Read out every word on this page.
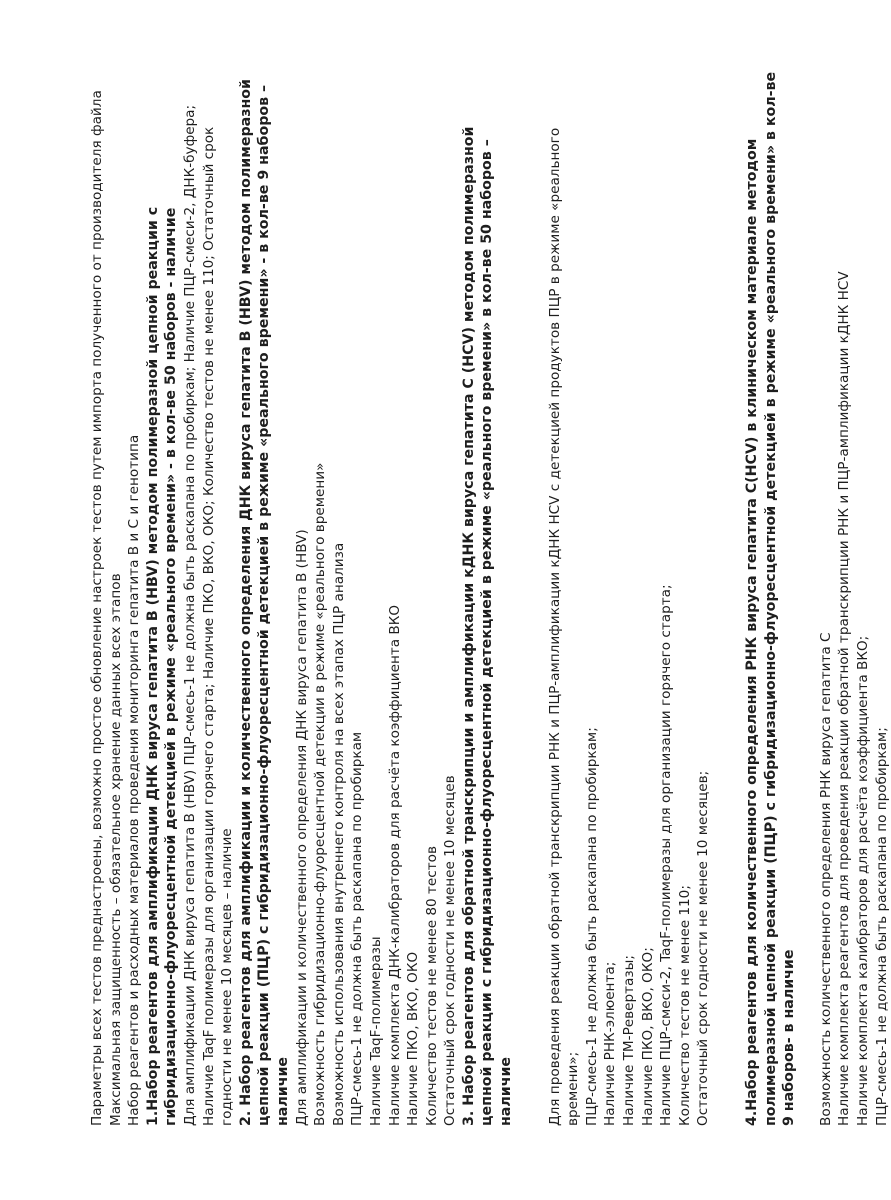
Параметры всех тестов преднастроены, возможно простое обновление настроек тестов путем импорта полученного от производителя файла Максимальная защищенность – обязательное хранение данных всех этапов Набор реагентов и расходных материалов проведения мониторинга гепатита В и С и генотипа 1.Набор реагентов для амплификации ДНК вируса гепатита В (HBV) методом полимеразной цепной реакции с гибридизационно-флуоресцентной детекцией в режиме «реального времени» - в кол-ве 50 наборов - наличие Для амплификации ДНК вируса гепатита В (HBV) ПЦР-смесь-1 не должна быть раскапана по пробиркам; Наличие ПЦР-смеси-2, ДНК-буфера; Наличие TaqF полимеразы для организации горячего старта; Наличие ПКО, ВКО, ОКО; Количество тестов не менее 110; Остаточный срок годности не менее 10 месяцев – наличие 2. Набор реагентов для амплификации и количественного определения ДНК вируса гепатита В (HBV) методом полимеразной цепной реакции (ПЦР) с гибридизационно-флуоресцентной детекцией в режиме «реального времени» - в кол-ве 9 наборов – наличие Для амплификации и количественного определения ДНК вируса гепатита В (HBV) Возможность гибридизационно-флуоресцентной детекции в режиме «реального времени» Возможность использования внутреннего контроля на всех этапах ПЦР анализа ПЦР-смесь-1 не должна быть раскапана по пробиркам Наличие TaqF-полимеразы Наличие комплекта ДНК-калибраторов для расчёта коэффициента ВКО Наличие ПКО, ВКО, ОКО Количество тестов не менее 80 тестов Остаточный срок годности не менее 10 месяцев 3. Набор реагентов для обратной транскрипции и амплификации кДНК вируса гепатита С (HCV) методом полимеразной цепной реакции с гибридизационно-флуоресцентной детекцией в режиме «реального времени» в кол-ве 50 наборов – наличие Для проведения реакции обратной транскрипции РНК и ПЦР-амплификации кДНК HCV с детекцией продуктов ПЦР в режиме «реального времени»; ПЦР-смесь-1 не должна быть раскапана по пробиркам; Наличие РНК-элюента; Наличие ТМ-Ревертазы; Наличие ПКО, ВКО, ОКО; Наличие ПЦР-смеси-2, TaqF-полимеразы для организации горячего старта; Количество тестов не менее 110; Остаточный срок годности не менее 10 месяцев; 4.Набор реагентов для количественного определения РНК вируса гепатита С(HCV) в клиническом материале методом полимеразной цепной реакции (ПЦР) с гибридизационно-флуоресцентной детекцией в режиме «реального времени» в кол-ве 9 наборов- в наличие Возможность количественного определения РНК вируса гепатита С Наличие комплекта реагентов для проведения реакции обратной транскрипции РНК и ПЦР-амплификации кДНК HCV Наличие комплекта калибраторов для расчёта коэффициента ВКО; ПЦР-смесь-1 не должна быть раскапана по пробиркам;
